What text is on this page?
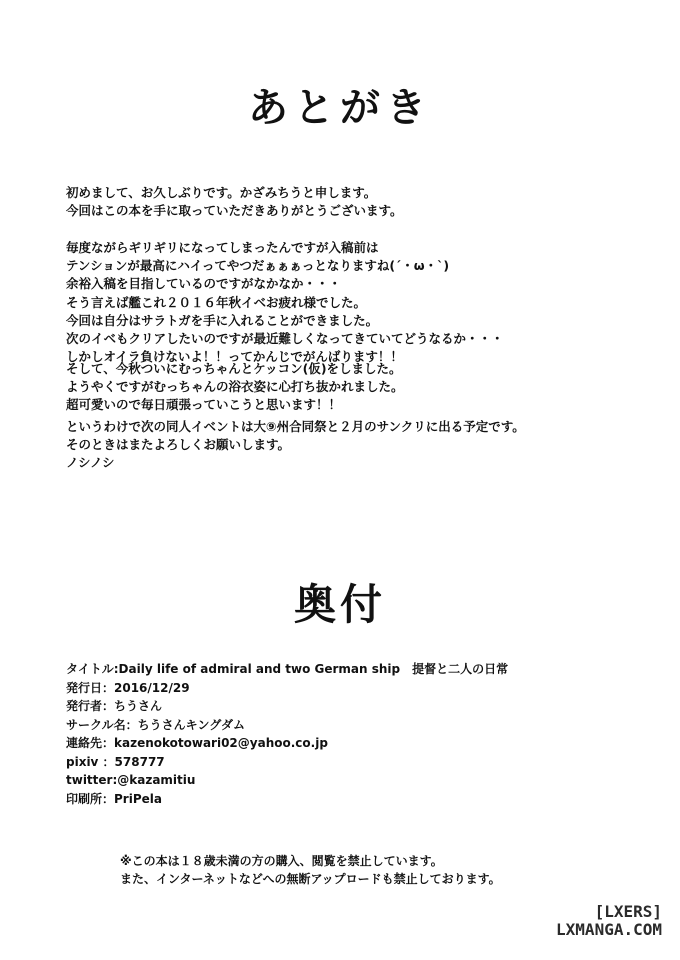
あとがき
初めまして、お久しぶりです。かざみちうと申します。
今回はこの本を手に取っていただきありがとうございます。
毎度ながらギリギリになってしまったんですが入稿前は
テンションが最高にハイってやつだぁぁぁっとなりますね(´・ω・`)
余裕入稿を目指しているのですがなかなか・・・
そう言えば艦これ２０１６年秋イベお疲れ様でした。
今回は自分はサラトガを手に入れることができました。
次のイベもクリアしたいのですが最近難しくなってきていてどうなるか・・・
しかしオイラ負けないよ！！ってかんじでがんばります！！
そして、今秋ついにむっちゃんとケッコン(仮)をしました。
ようやくですがむっちゃんの浴衣姿に心打ち抜かれました。
超可愛いので毎日頑張っていこうと思います！！
というわけで次の同人イベントは大⑨州合同祭と２月のサンクリに出る予定です。
そのときはまたよろしくお願いします。
ノシノシ
奥付
タイトル:Daily life of admiral and two German ship　提督と二人の日常
発行日：2016/12/29
発行者：ちうさん
サークル名：ちうさんキングダム
連絡先：kazenokotowari02@yahoo.co.jp
pixiv ：578777
twitter:@kazamitiu
印刷所：PriPela
※この本は１８歳未満の方の購入、閲覧を禁止しています。
また、インターネットなどへの無断アップロードも禁止しております。
[LXERS]
LXMANGA.COM
